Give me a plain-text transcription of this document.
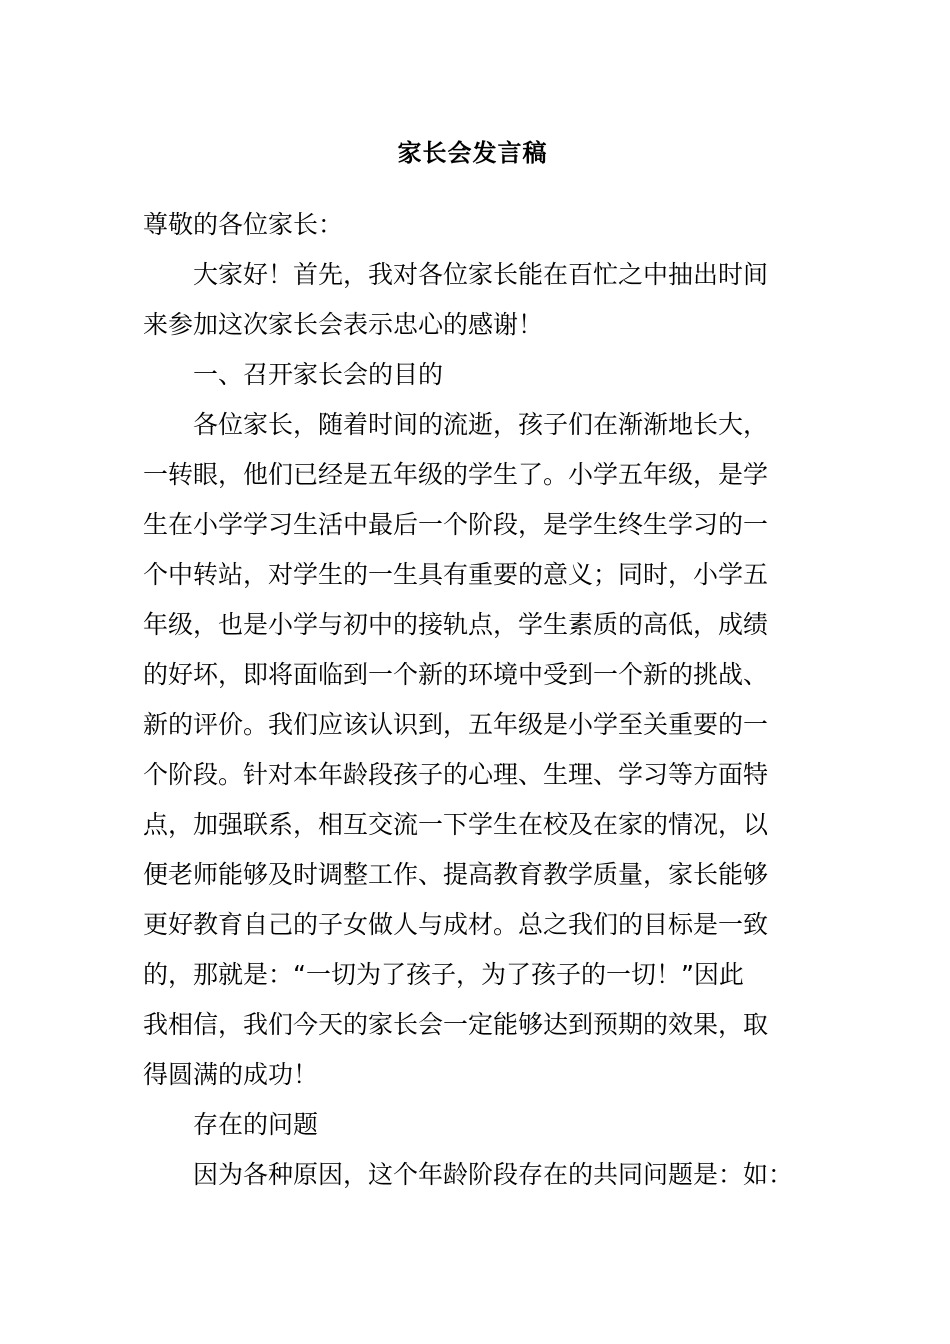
家长会发言稿

尊敬的各位家长：

大家好！首先，我对各位家长能在百忙之中抽出时间

来参加这次家长会表示忠心的感谢！

一、召开家长会的目的

各位家长，随着时间的流逝，孩子们在渐渐地长大，

一转眼，他们已经是五年级的学生了。小学五年级，是学

生在小学学习生活中最后一个阶段，是学生终生学习的一

个中转站，对学生的一生具有重要的意义；同时，小学五

年级，也是小学与初中的接轨点，学生素质的高低，成绩

的好坏，即将面临到一个新的环境中受到一个新的挑战、

新的评价。我们应该认识到，五年级是小学至关重要的一

个阶段。针对本年龄段孩子的心理、生理、学习等方面特

点，加强联系，相互交流一下学生在校及在家的情况，以

便老师能够及时调整工作、提高教育教学质量，家长能够

更好教育自己的子女做人与成材。总之我们的目标是一致

的，那就是：“一切为了孩子，为了孩子的一切！”因此

我相信，我们今天的家长会一定能够达到预期的效果，取

得圆满的成功！

存在的问题

因为各种原因，这个年龄阶段存在的共同问题是：如：
